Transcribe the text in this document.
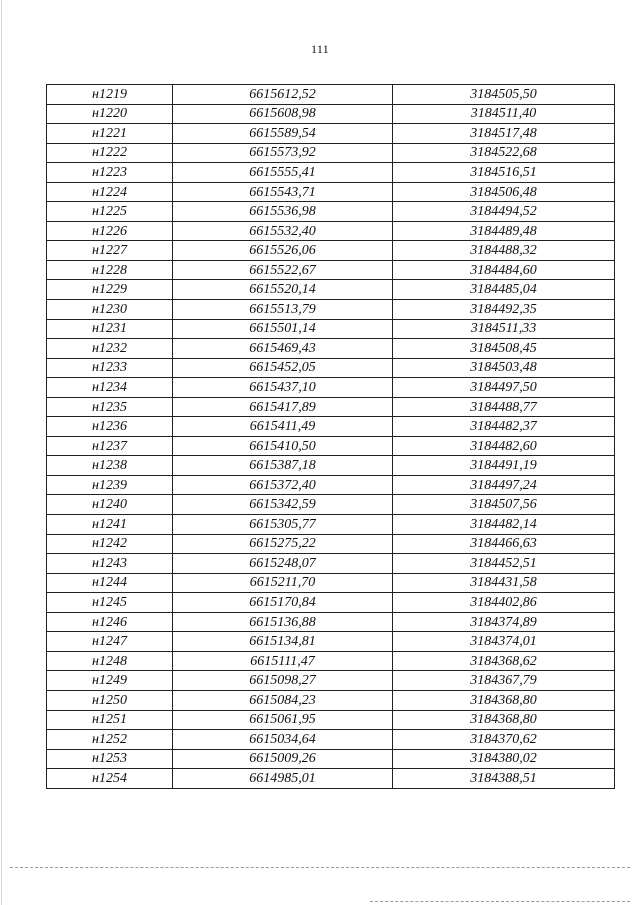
111
н1219	6615612,52	3184505,50
н1220	6615608,98	3184511,40
н1221	6615589,54	3184517,48
н1222	6615573,92	3184522,68
н1223	6615555,41	3184516,51
н1224	6615543,71	3184506,48
н1225	6615536,98	3184494,52
н1226	6615532,40	3184489,48
н1227	6615526,06	3184488,32
н1228	6615522,67	3184484,60
н1229	6615520,14	3184485,04
н1230	6615513,79	3184492,35
н1231	6615501,14	3184511,33
н1232	6615469,43	3184508,45
н1233	6615452,05	3184503,48
н1234	6615437,10	3184497,50
н1235	6615417,89	3184488,77
н1236	6615411,49	3184482,37
н1237	6615410,50	3184482,60
н1238	6615387,18	3184491,19
н1239	6615372,40	3184497,24
н1240	6615342,59	3184507,56
н1241	6615305,77	3184482,14
н1242	6615275,22	3184466,63
н1243	6615248,07	3184452,51
н1244	6615211,70	3184431,58
н1245	6615170,84	3184402,86
н1246	6615136,88	3184374,89
н1247	6615134,81	3184374,01
н1248	6615111,47	3184368,62
н1249	6615098,27	3184367,79
н1250	6615084,23	3184368,80
н1251	6615061,95	3184368,80
н1252	6615034,64	3184370,62
н1253	6615009,26	3184380,02
н1254	6614985,01	3184388,51
